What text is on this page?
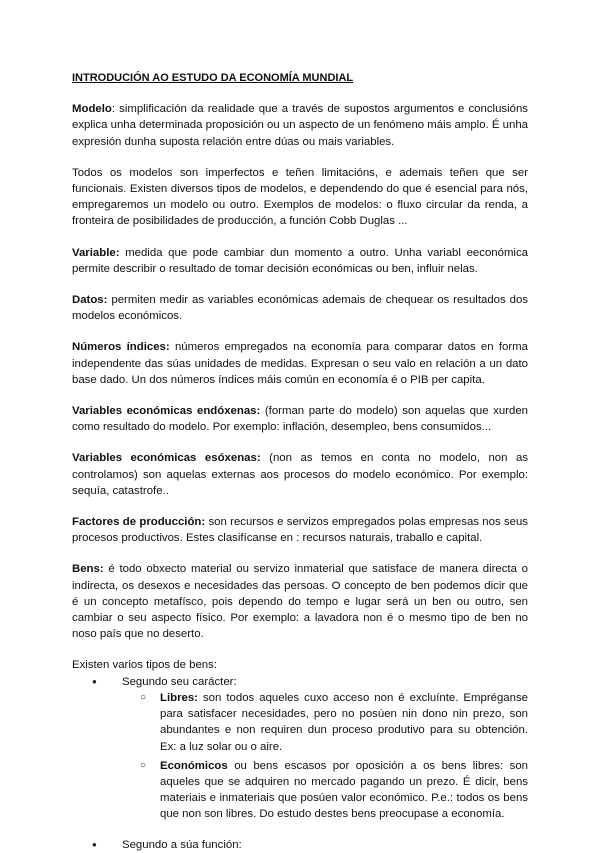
INTRODUCIÓN AO ESTUDO DA ECONOMÍA MUNDIAL

Modelo: simplificación da realidade que a través de supostos argumentos e conclusións explica unha determinada proposición ou un aspecto de un fenómeno máis amplo. É unha expresión dunha suposta relación entre dúas ou mais variables.

Todos os modelos son imperfectos e teñen limitacións, e ademais teñen que ser funcionais. Existen diversos tipos de modelos, e dependendo do que é esencial para nós, empregaremos un modelo ou outro. Exemplos de modelos: o fluxo circular da renda, a fronteira de posibilidades de producción, a función Cobb Duglas ...

Variable: medida que pode cambiar dun momento a outro. Unha variabl eeconómica permite describir o resultado de tomar decisión económicas ou ben, influir nelas.

Datos: permiten medir as variables económicas ademais de chequear os resultados dos modelos económicos.

Números índices: números empregados na economía para comparar datos en forma independente das súas unidades de medidas. Expresan o seu valo en relación a un dato base dado. Un dos números índices máis común en economía é o PIB per capita.

Variables económicas endóxenas: (forman parte do modelo) son aquelas que xurden como resultado do modelo. Por exemplo: inflación, desempleo, bens consumidos...

Variables económicas esóxenas: (non as temos en conta no modelo, non as controlamos) son aquelas externas aos procesos do modelo económico. Por exemplo: sequía, catastrofe..

Factores de producción: son recursos e servizos empregados polas empresas nos seus procesos productivos. Estes clasifícanse en : recursos naturais, traballo e capital.

Bens: é todo obxecto material ou servizo inmaterial que satisface de manera directa o indirecta, os desexos e necesidades das persoas. O concepto de ben podemos dicir que é un concepto metafísco, pois dependo do tempo e lugar será un ben ou outro, sen cambiar o seu aspecto físico. Por exemplo: a lavadora non é o mesmo tipo de ben no noso país que no deserto.

Existen varios tipos de bens:
● Segundo seu carácter:
○ Libres: son todos aqueles cuxo acceso non é excluínte. Empréganse para satisfacer necesidades, pero no posúen nin dono nin prezo, son abundantes e non requiren dun proceso produtivo para su obtención. Ex: a luz solar ou o aire.
○ Económicos ou bens escasos por oposición a os bens libres: son aqueles que se adquiren no mercado pagando un prezo. É dicir, bens materiais e inmateriais que posúen valor económico. P.e.: todos os bens que non son libres. Do estudo destes bens preocupase a economía.
● Segundo a súa función:
